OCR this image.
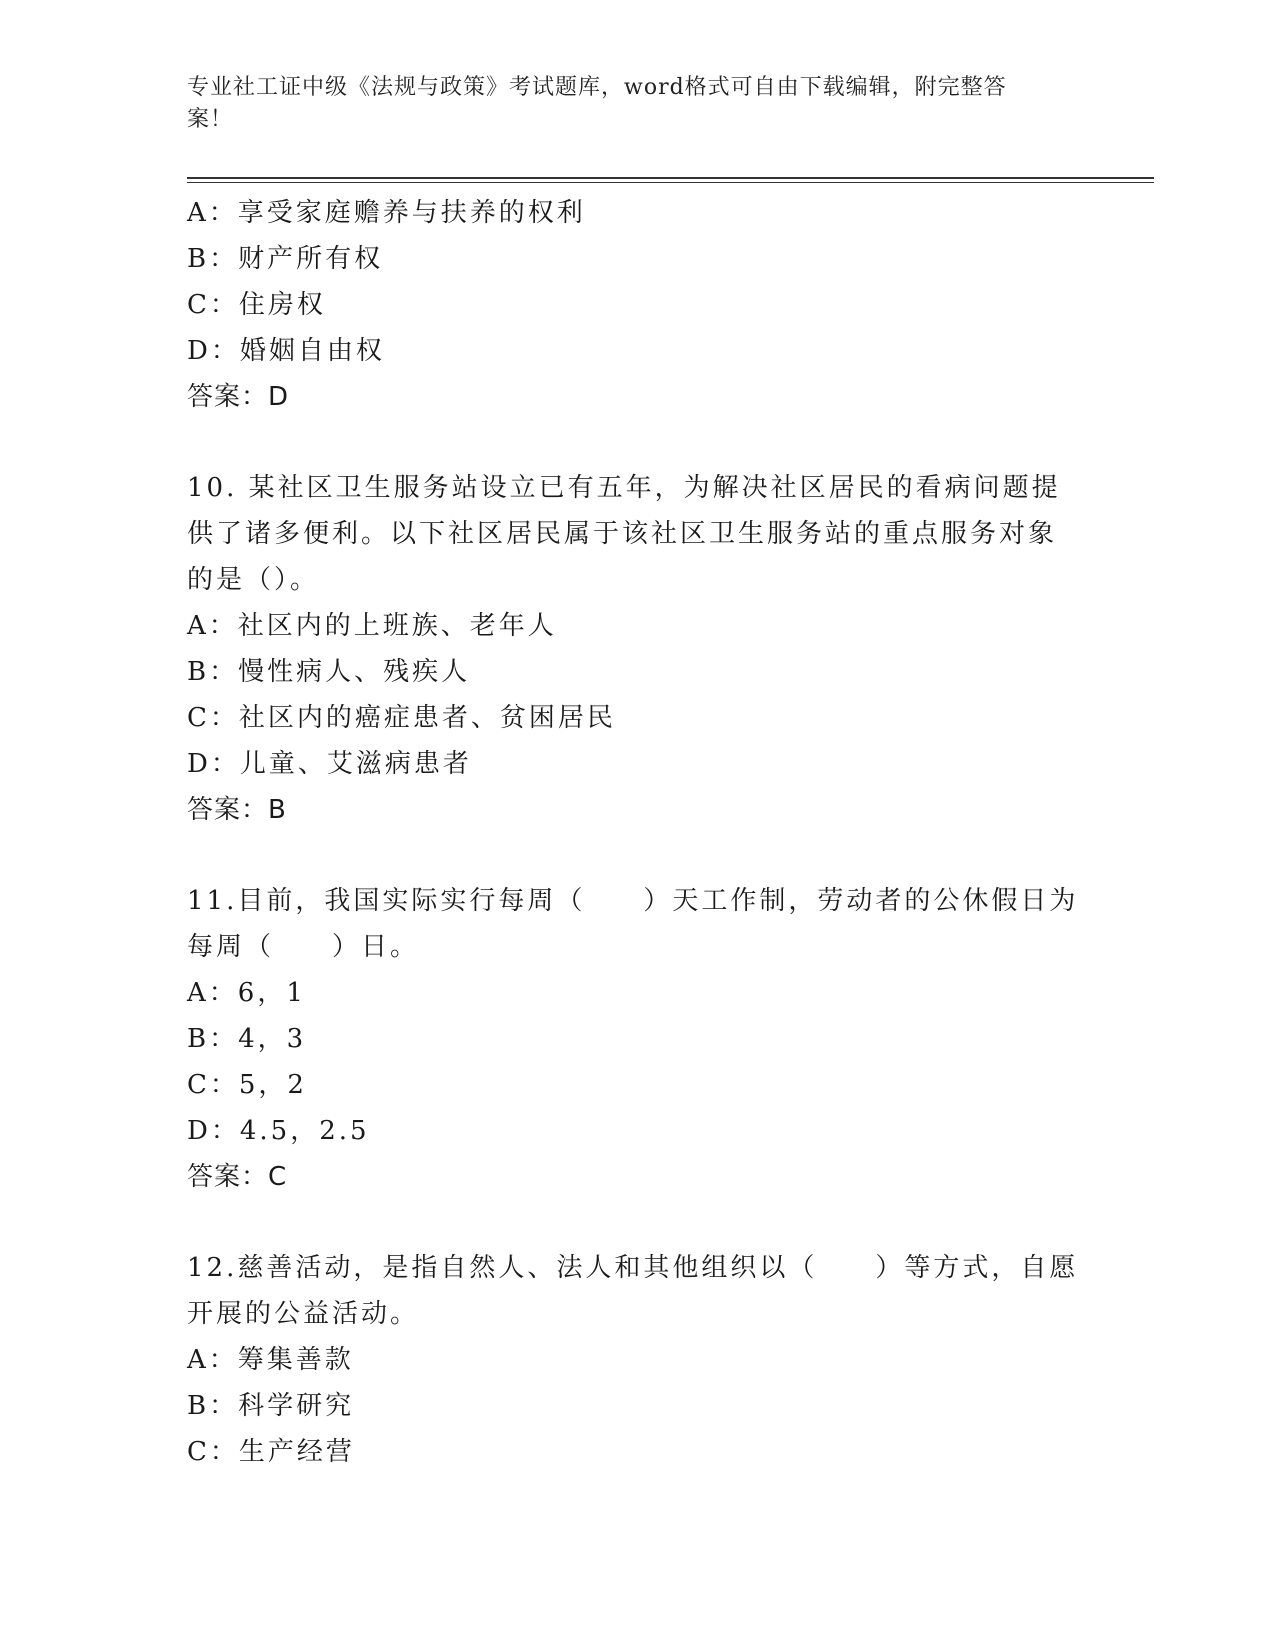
专业社工证中级《法规与政策》考试题库，word格式可自由下载编辑，附完整答
案！
A：享受家庭赡养与扶养的权利
B：财产所有权
C：住房权
D：婚姻自由权
答案：D
10. 某社区卫生服务站设立已有五年，为解决社区居民的看病问题提
供了诸多便利。以下社区居民属于该社区卫生服务站的重点服务对象
的是（）。
A：社区内的上班族、老年人
B：慢性病人、残疾人
C：社区内的癌症患者、贫困居民
D：儿童、艾滋病患者
答案：B
11.目前，我国实际实行每周（　　）天工作制，劳动者的公休假日为
每周（　　）日。
A：6，1
B：4，3
C：5，2
D：4.5，2.5
答案：C
12.慈善活动，是指自然人、法人和其他组织以（　　）等方式，自愿
开展的公益活动。
A：筹集善款
B：科学研究
C：生产经营
